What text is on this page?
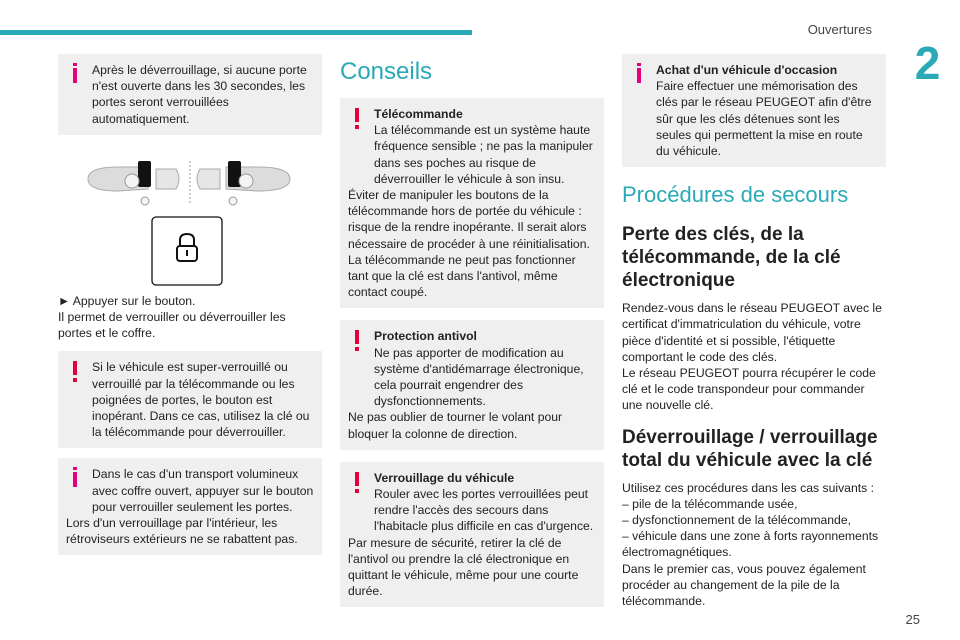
Ouvertures
2

Après le déverrouillage, si aucune porte n'est ouverte dans les 30 secondes, les portes seront verrouillées automatiquement.

► Appuyer sur le bouton.

Il permet de verrouiller ou déverrouiller les portes et le coffre.

Si le véhicule est super-verrouillé ou verrouillé par la télécommande ou les poignées de portes, le bouton est inopérant. Dans ce cas, utilisez la clé ou la télécommande pour déverrouiller.

Dans le cas d'un transport volumineux avec coffre ouvert, appuyer sur le bouton pour verrouiller seulement les portes.

Lors d'un verrouillage par l'intérieur, les rétroviseurs extérieurs ne se rabattent pas.

Conseils

Télécommande

La télécommande est un système haute fréquence sensible ; ne pas la manipuler dans ses poches au risque de déverrouiller le véhicule à son insu.

Éviter de manipuler les boutons de la télécommande hors de portée du véhicule : risque de la rendre inopérante. Il serait alors nécessaire de procéder à une réinitialisation.

La télécommande ne peut pas fonctionner tant que la clé est dans l'antivol, même contact coupé.

Protection antivol

Ne pas apporter de modification au système d'antidémarrage électronique, cela pourrait engendrer des dysfonctionnements.

Ne pas oublier de tourner le volant pour bloquer la colonne de direction.

Verrouillage du véhicule

Rouler avec les portes verrouillées peut rendre l'accès des secours dans l'habitacle plus difficile en cas d'urgence.

Par mesure de sécurité, retirer la clé de l'antivol ou prendre la clé électronique en quittant le véhicule, même pour une courte durée.

Achat d'un véhicule d'occasion

Faire effectuer une mémorisation des clés par le réseau PEUGEOT afin d'être sûr que les clés détenues sont les seules qui permettent la mise en route du véhicule.

Procédures de secours
Perte des clés, de la télécommande, de la clé électronique

Rendez-vous dans le réseau PEUGEOT avec le certificat d'immatriculation du véhicule, votre pièce d'identité et si possible, l'étiquette comportant le code des clés.

Le réseau PEUGEOT pourra récupérer le code clé et le code transpondeur pour commander une nouvelle clé.

Déverrouillage / verrouillage total du véhicule avec la clé

Utilisez ces procédures dans les cas suivants :

– pile de la télécommande usée,

– dysfonctionnement de la télécommande,

– véhicule dans une zone à forts rayonnements électromagnétiques.

Dans le premier cas, vous pouvez également procéder au changement de la pile de la télécommande.

25
